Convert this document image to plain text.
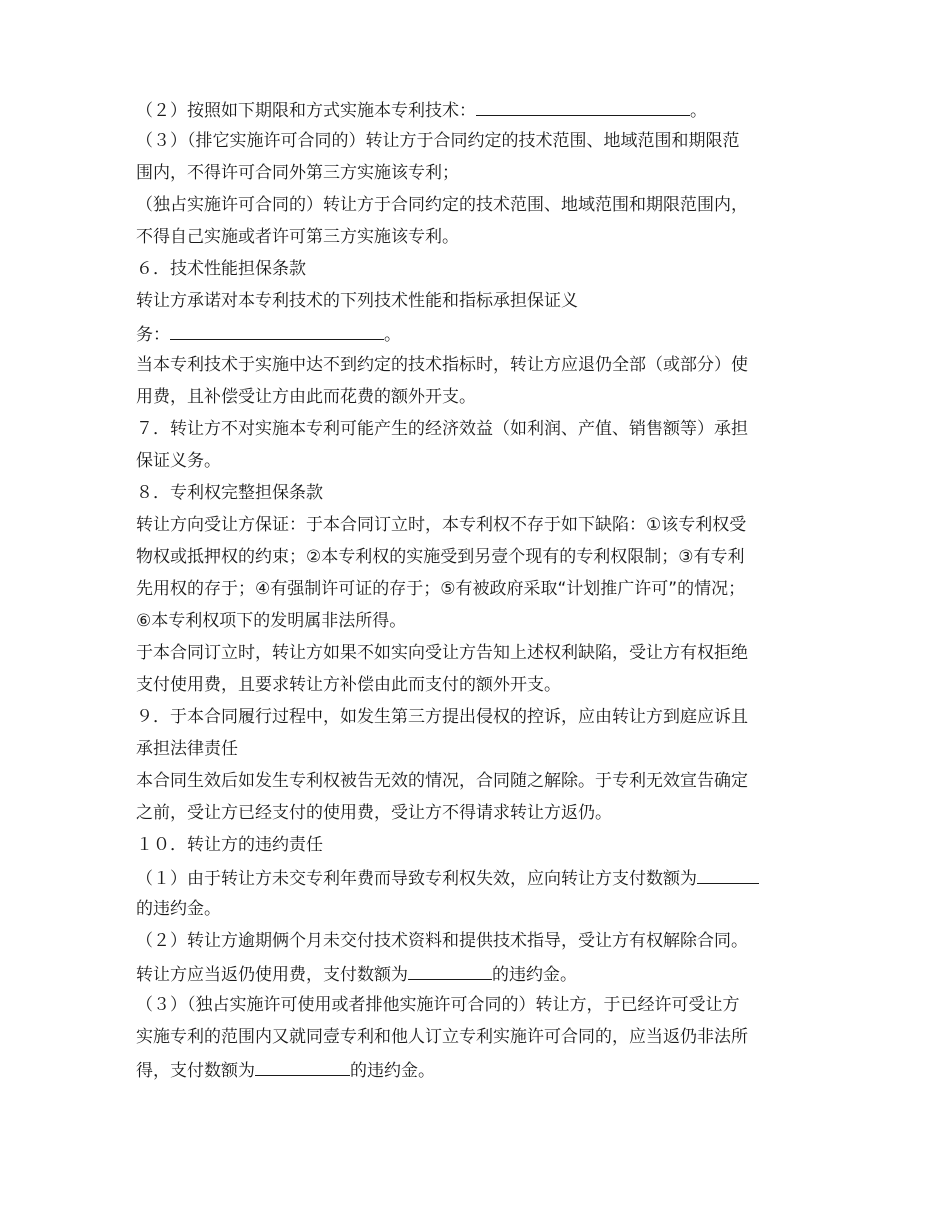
（２）按照如下期限和方式实施本专利技术：	。
（３）（排它实施许可合同的）转让方于合同约定的技术范围、地域范围和期限范
围内，不得许可合同外第三方实施该专利；
（独占实施许可合同的）转让方于合同约定的技术范围、地域范围和期限范围内，
不得自己实施或者许可第三方实施该专利。
６．技术性能担保条款
转让方承诺对本专利技术的下列技术性能和指标承担保证义
务：	。
当本专利技术于实施中达不到约定的技术指标时，转让方应退仍全部（或部分）使
用费，且补偿受让方由此而花费的额外开支。
７．转让方不对实施本专利可能产生的经济效益（如利润、产值、销售额等）承担
保证义务。
８．专利权完整担保条款
转让方向受让方保证：于本合同订立时，本专利权不存于如下缺陷：①该专利权受
物权或抵押权的约束；②本专利权的实施受到另壹个现有的专利权限制；③有专利
先用权的存于；④有强制许可证的存于；⑤有被政府采取“计划推广许可”的情况；
⑥本专利权项下的发明属非法所得。
于本合同订立时，转让方如果不如实向受让方告知上述权利缺陷，受让方有权拒绝
支付使用费，且要求转让方补偿由此而支付的额外开支。
９．于本合同履行过程中，如发生第三方提出侵权的控诉，应由转让方到庭应诉且
承担法律责任
本合同生效后如发生专利权被告无效的情况，合同随之解除。于专利无效宣告确定
之前，受让方已经支付的使用费，受让方不得请求转让方返仍。
１０．转让方的违约责任
（１）由于转让方未交专利年费而导致专利权失效，应向转让方支付数额为
的违约金。
（２）转让方逾期俩个月未交付技术资料和提供技术指导，受让方有权解除合同。
转让方应当返仍使用费，支付数额为	的违约金。
（３）（独占实施许可使用或者排他实施许可合同的）转让方，于已经许可受让方
实施专利的范围内又就同壹专利和他人订立专利实施许可合同的，应当返仍非法所
得，支付数额为	的违约金。
